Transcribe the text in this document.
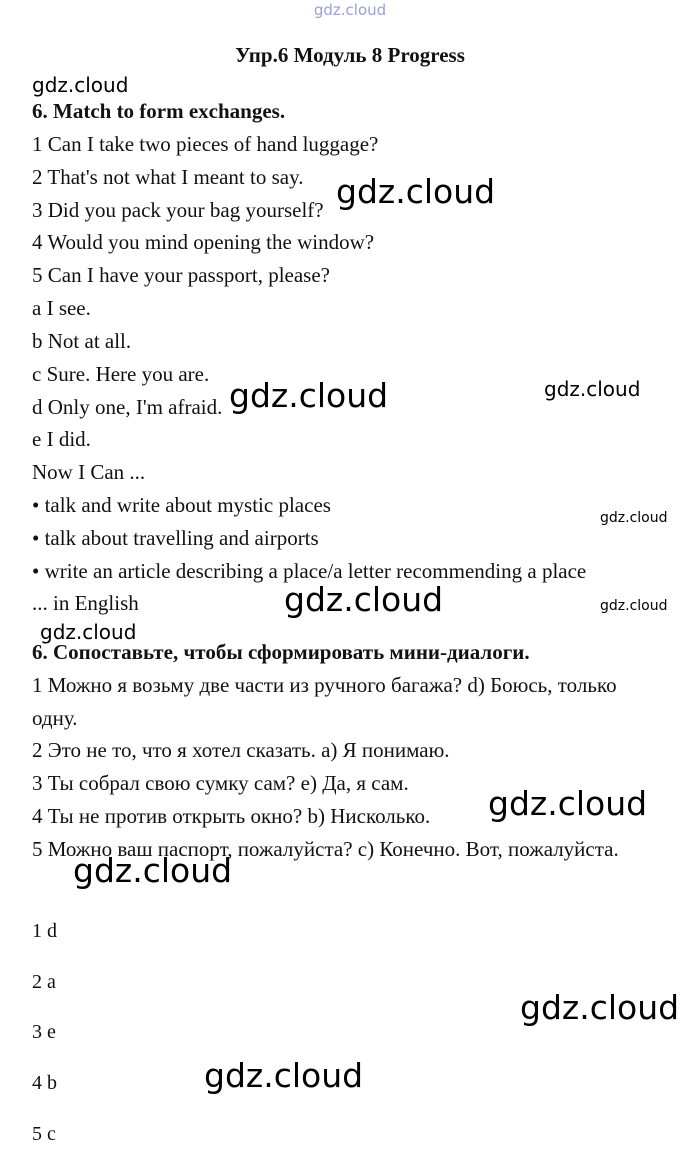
gdz.cloud
Упр.6 Модуль 8 Progress
6. Match to form exchanges.
1 Can I take two pieces of hand luggage?
2 That's not what I meant to say.
3 Did you pack your bag yourself?
4 Would you mind opening the window?
5 Can I have your passport, please?
a I see.
b Not at all.
c Sure. Here you are.
d Only one, I'm afraid.
e I did.
Now I Can ...
• talk and write about mystic places
• talk about travelling and airports
• write an article describing a place/a letter recommending a place
... in English
6. Сопоставьте, чтобы сформировать мини-диалоги.
1 Можно я возьму две части из ручного багажа? d) Боюсь, только
одну.
2 Это не то, что я хотел сказать. a) Я понимаю.
3 Ты собрал свою сумку сам? e) Да, я сам.
4 Ты не против открыть окно? b) Нисколько.
5 Можно ваш паспорт, пожалуйста? c) Конечно. Вот, пожалуйста.
1 d
2 a
3 e
4 b
5 c
gdz.cloud
gdz.cloud
gdz.cloud	gdz.cloud
gdz.cloud
gdz.cloud	gdz.cloud
gdz.cloud
gdz.cloud
gdz.cloud
gdz.cloud
gdz.cloud
